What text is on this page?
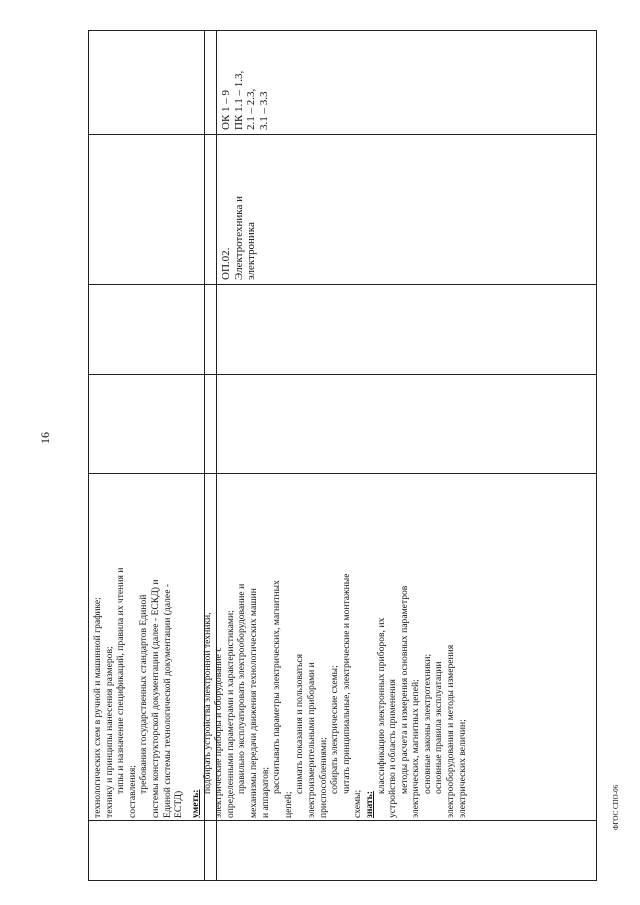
16

технологических схем в ручной и машинной графике; технику и принципы нанесения размеров; типы и назначение спецификаций, правила их чтения и составления; требования государственных стандартов Единой системы конструкторской документации (далее - ЕСКД) и Единой системы технологической документации (далее - ЕСТД) уметь:

подбирать устройства электронной техники, электрические приборы и оборудование с определенными параметрами и характеристиками; правильно эксплуатировать электрооборудование и механизмы передачи движения технологических машин и аппаратов; рассчитывать параметры электрических, магнитных

цепей;

снимать показания и пользоваться электроизмерительными приборами и приспособлениями; собирать электрические схемы; читать принципиальные, электрические и монтажные

схемы; знать:

классификацию электронных приборов, их устройство и область применения методы расчета и измерения основных параметров электрических, магнитных цепей; основные законы электротехники; основные правила эксплуатации электрооборудования и методы измерения электрических величин;

ОП.02. Электротехника и электроника

ОК 1 – 9 ПК 1.1 – 1.3, 2.1 – 2.3, 3.1 – 3.3

ФГОС СПО-06
